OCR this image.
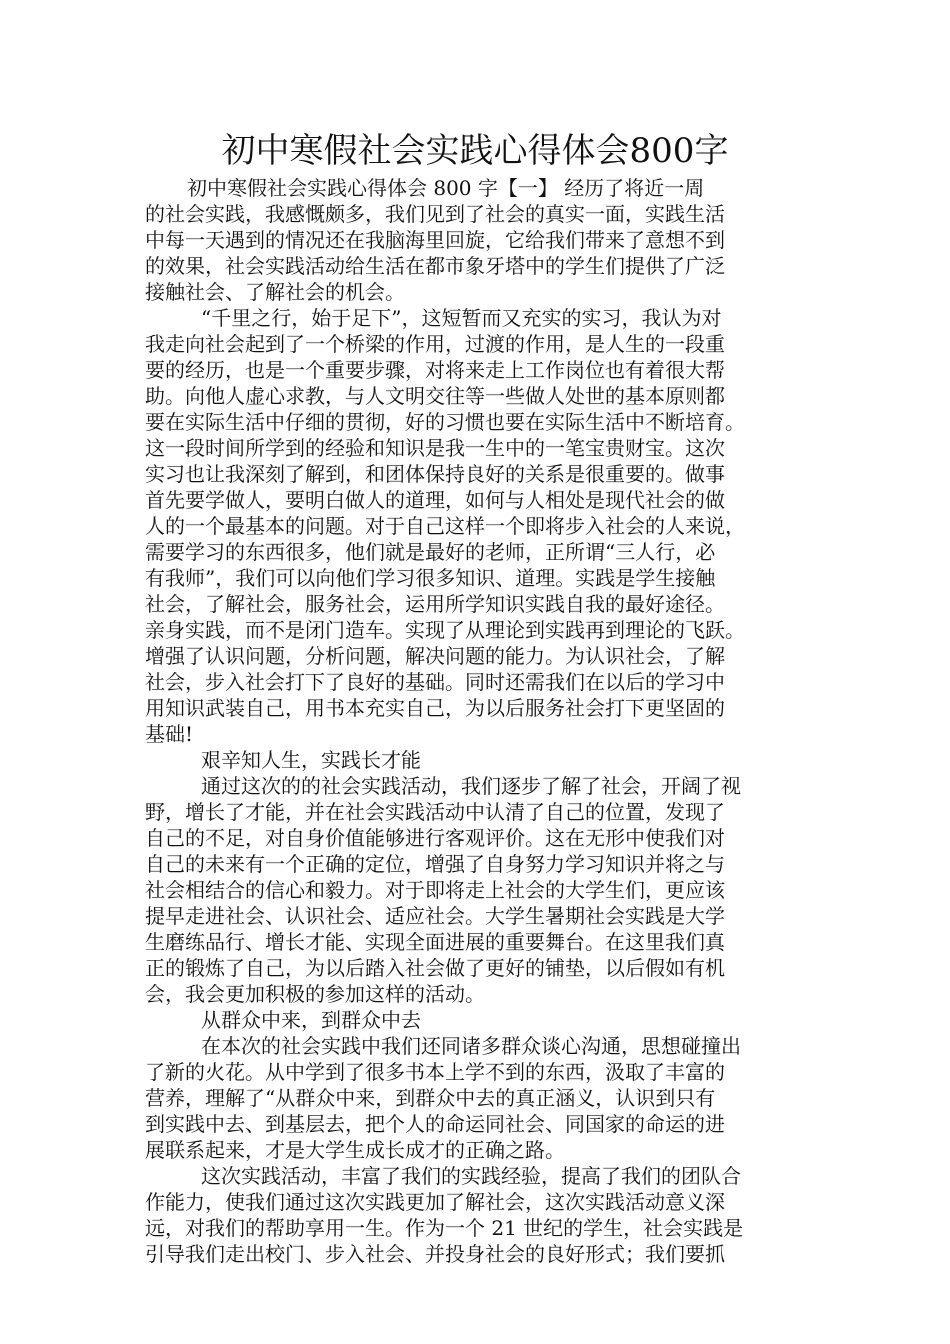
初中寒假社会实践心得体会800字
初中寒假社会实践心得体会 800 字【一】 经历了将近一周
的社会实践，我感慨颇多，我们见到了社会的真实一面，实践生活
中每一天遇到的情况还在我脑海里回旋，它给我们带来了意想不到
的效果，社会实践活动给生活在都市象牙塔中的学生们提供了广泛
接触社会、了解社会的机会。
“千里之行，始于足下”，这短暂而又充实的实习，我认为对
我走向社会起到了一个桥梁的作用，过渡的作用，是人生的一段重
要的经历，也是一个重要步骤，对将来走上工作岗位也有着很大帮
助。向他人虚心求教，与人文明交往等一些做人处世的基本原则都
要在实际生活中仔细的贯彻，好的习惯也要在实际生活中不断培育。
这一段时间所学到的经验和知识是我一生中的一笔宝贵财宝。这次
实习也让我深刻了解到，和团体保持良好的关系是很重要的。做事
首先要学做人，要明白做人的道理，如何与人相处是现代社会的做
人的一个最基本的问题。对于自己这样一个即将步入社会的人来说，
需要学习的东西很多，他们就是最好的老师，正所谓“三人行，必
有我师”，我们可以向他们学习很多知识、道理。实践是学生接触
社会，了解社会，服务社会，运用所学知识实践自我的最好途径。
亲身实践，而不是闭门造车。实现了从理论到实践再到理论的飞跃。
增强了认识问题，分析问题，解决问题的能力。为认识社会，了解
社会，步入社会打下了良好的基础。同时还需我们在以后的学习中
用知识武装自己，用书本充实自己，为以后服务社会打下更坚固的
基础!
艰辛知人生，实践长才能
通过这次的的社会实践活动，我们逐步了解了社会，开阔了视
野，增长了才能，并在社会实践活动中认清了自己的位置，发现了
自己的不足，对自身价值能够进行客观评价。这在无形中使我们对
自己的未来有一个正确的定位，增强了自身努力学习知识并将之与
社会相结合的信心和毅力。对于即将走上社会的大学生们，更应该
提早走进社会、认识社会、适应社会。大学生暑期社会实践是大学
生磨练品行、增长才能、实现全面进展的重要舞台。在这里我们真
正的锻炼了自己，为以后踏入社会做了更好的铺垫，以后假如有机
会，我会更加积极的参加这样的活动。
从群众中来，到群众中去
在本次的社会实践中我们还同诸多群众谈心沟通，思想碰撞出
了新的火花。从中学到了很多书本上学不到的东西，汲取了丰富的
营养，理解了“从群众中来，到群众中去的真正涵义，认识到只有
到实践中去、到基层去，把个人的命运同社会、同国家的命运的进
展联系起来，才是大学生成长成才的正确之路。
这次实践活动，丰富了我们的实践经验，提高了我们的团队合
作能力，使我们通过这次实践更加了解社会，这次实践活动意义深
远，对我们的帮助享用一生。作为一个 21 世纪的学生，社会实践是
引导我们走出校门、步入社会、并投身社会的良好形式；我们要抓
